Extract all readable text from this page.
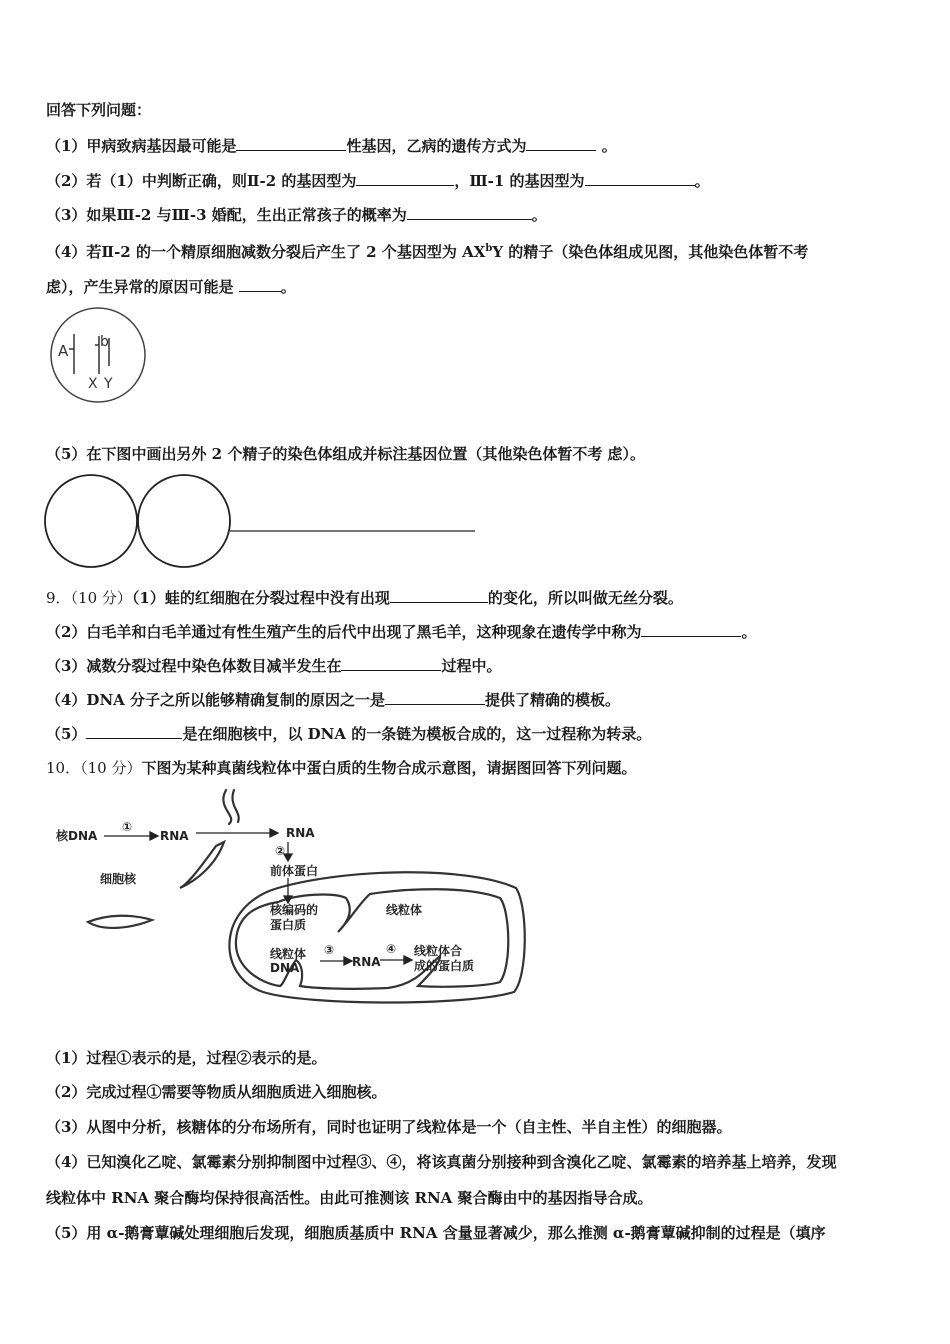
回答下列问题：
（1）甲病致病基因最可能是	性基因，乙病的遗传方式为	。
（2）若（1）中判断正确，则Ⅱ-2 的基因型为	，Ⅲ-1 的基因型为	。
（3）如果Ⅲ-2 与Ⅲ-3 婚配，生出正常孩子的概率为	。
（4）若Ⅱ-2 的一个精原细胞减数分裂后产生了 2 个基因型为 $AX^bY$ 的精子（染色体组成见图，其他染色体暂不考
虑），产生异常的原因可能是	。
A b
X Y
（5）在下图中画出另外 2 个精子的染色体组成并标注基因位置（其他染色体暂不考 虑）。
9．（10 分）（1）蛙的红细胞在分裂过程中没有出现	的变化，所以叫做无丝分裂。
（2）白毛羊和白毛羊通过有性生殖产生的后代中出现了黑毛羊，这种现象在遗传学中称为	。
（3）减数分裂过程中染色体数目减半发生在	过程中。
（4）DNA 分子之所以能够精确复制的原因之一是	提供了精确的模板。
（5）	是在细胞核中，以 DNA 的一条链为模板合成的，这一过程称为转录。
10．（10 分）下图为某种真菌线粒体中蛋白质的生物合成示意图，请据图回答下列问题。
核DNA
①
RNA	RNA
②
前体蛋白
细胞核
核编码的
蛋白质
线粒体
线粒体
DNA
③
RNA
④ 线粒体合
成的蛋白质
（1）过程①表示的是，过程②表示的是。
（2）完成过程①需要等物质从细胞质进入细胞核。
（3）从图中分析，核糖体的分布场所有，同时也证明了线粒体是一个（自主性、半自主性）的细胞器。
（4）已知溴化乙啶、氯霉素分别抑制图中过程③、④，将该真菌分别接种到含溴化乙啶、氯霉素的培养基上培养，发现
线粒体中 RNA 聚合酶均保持很高活性。由此可推测该 RNA 聚合酶由中的基因指导合成。
（5）用 α-鹅膏蕈碱处理细胞后发现，细胞质基质中 RNA 含量显著减少，那么推测 α-鹅膏蕈碱抑制的过程是（填序
